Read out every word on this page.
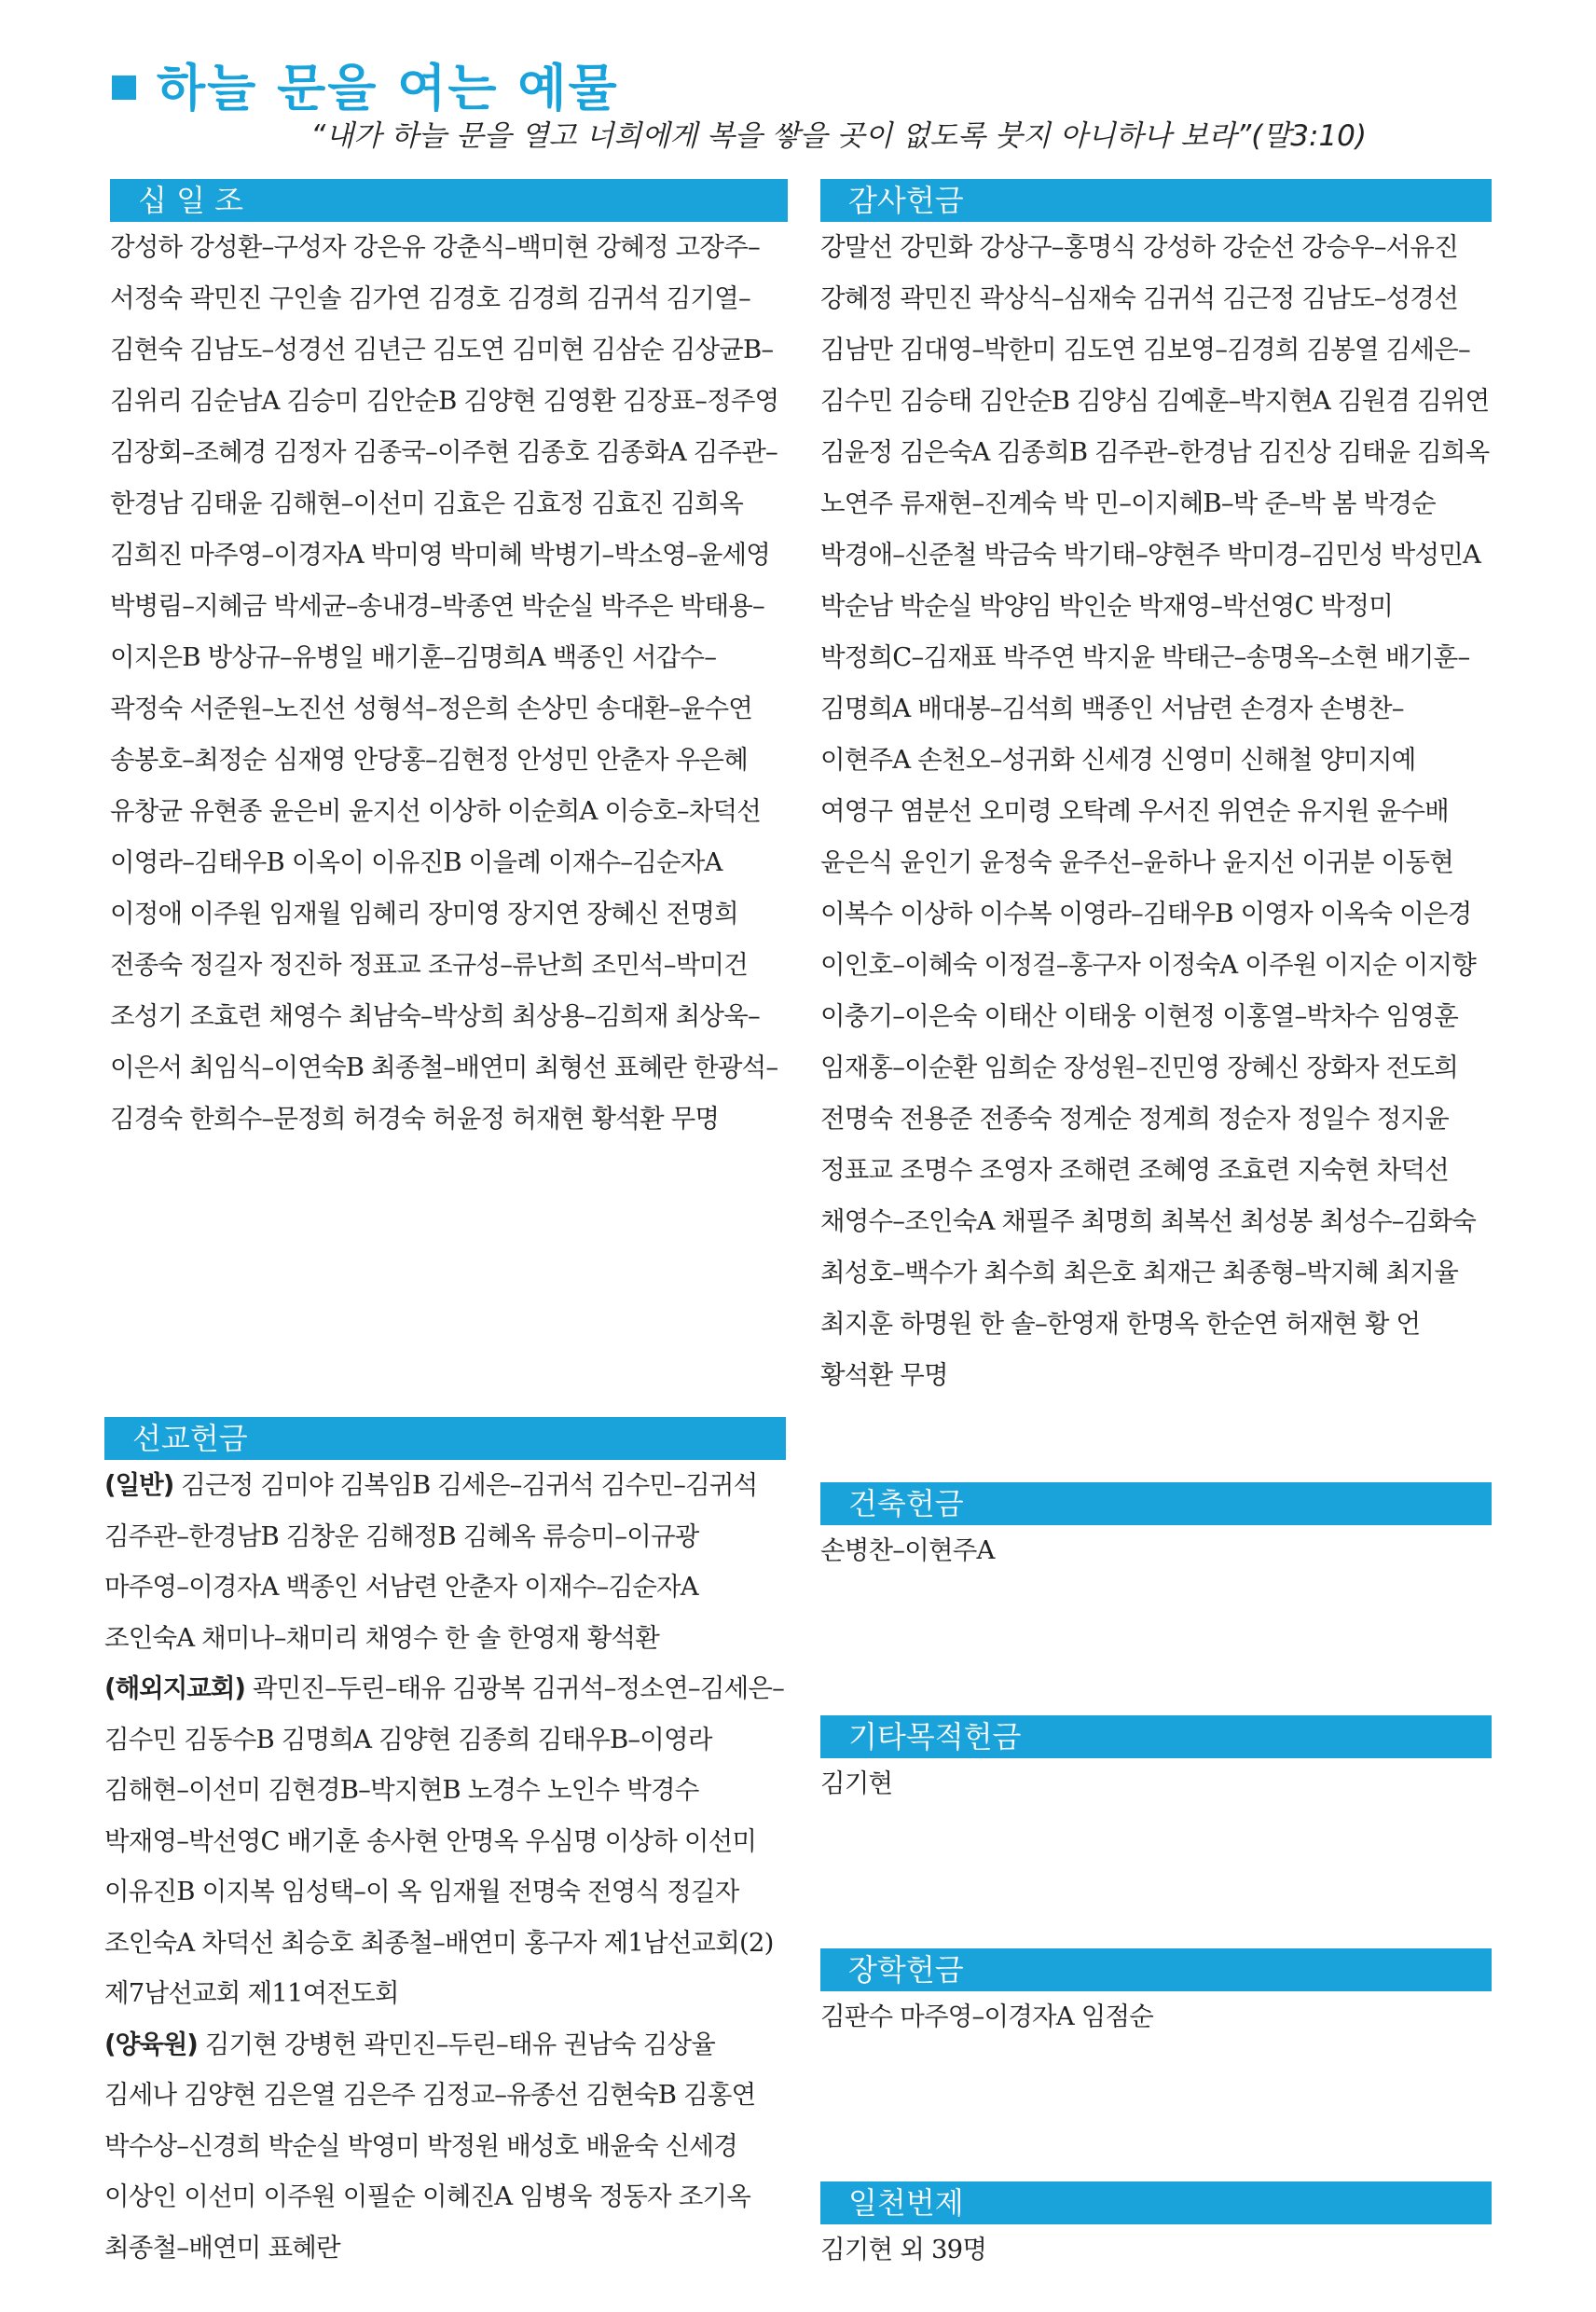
하늘 문을 여는 예물
“내가 하늘 문을 열고 너희에게 복을 쌓을 곳이 없도록 붓지 아니하나 보라”(말3:10)
십 일 조
강성하 강성환–구성자 강은유 강춘식–백미현 강혜정 고장주–서정숙 곽민진 구인솔 김가연 김경호 김경희 김귀석 김기열–김현숙 김남도–성경선 김년근 김도연 김미현 김삼순 김상균B–김위리 김순남A 김승미 김안순B 김양현 김영환 김장표–정주영 김장회–조혜경 김정자 김종국–이주현 김종호 김종화A 김주관–한경남 김태윤 김해현–이선미 김효은 김효정 김효진 김희옥 김희진 마주영–이경자A 박미영 박미혜 박병기–박소영–윤세영 박병림–지혜금 박세균–송내경–박종연 박순실 박주은 박태용–이지은B 방상규–유병일 배기훈–김명희A 백종인 서갑수–곽정숙 서준원–노진선 성형석–정은희 손상민 송대환–윤수연 송봉호–최정순 심재영 안당홍–김현정 안성민 안춘자 우은혜 유창균 유현종 윤은비 윤지선 이상하 이순희A 이승호–차덕선 이영라–김태우B 이옥이 이유진B 이을례 이재수–김순자A 이정애 이주원 임재월 임혜리 장미영 장지연 장혜신 전명희 전종숙 정길자 정진하 정표교 조규성–류난희 조민석–박미건 조성기 조효련 채영수 최남숙–박상희 최상용–김희재 최상욱–이은서 최임식–이연숙B 최종철–배연미 최형선 표혜란 한광석–김경숙 한희수–문정희 허경숙 허윤정 허재현 황석환 무명
감사헌금
강말선 강민화 강상구–홍명식 강성하 강순선 강승우–서유진 강혜정 곽민진 곽상식–심재숙 김귀석 김근정 김남도–성경선 김남만 김대영–박한미 김도연 김보영–김경희 김봉열 김세은–김수민 김승태 김안순B 김양심 김예훈–박지현A 김원겸 김위연 김윤정 김은숙A 김종희B 김주관–한경남 김진상 김태윤 김희옥 노연주 류재현–진계숙 박 민–이지혜B–박 준–박 봄 박경순 박경애–신준철 박금숙 박기태–양현주 박미경–김민성 박성민A 박순남 박순실 박양임 박인순 박재영–박선영C 박정미 박정희C–김재표 박주연 박지윤 박태근–송명옥–소현 배기훈–김명희A 배대봉–김석희 백종인 서남련 손경자 손병찬–이현주A 손천오–성귀화 신세경 신영미 신해철 양미지예 여영구 염분선 오미령 오탁례 우서진 위연순 유지원 윤수배 윤은식 윤인기 윤정숙 윤주선–윤하나 윤지선 이귀분 이동현 이복수 이상하 이수복 이영라–김태우B 이영자 이옥숙 이은경 이인호–이혜숙 이정걸–홍구자 이정숙A 이주원 이지순 이지향 이충기–이은숙 이태산 이태웅 이현정 이홍열–박차수 임영훈 임재홍–이순환 임희순 장성원–진민영 장혜신 장화자 전도희 전명숙 전용준 전종숙 정계순 정계희 정순자 정일수 정지윤 정표교 조명수 조영자 조해련 조혜영 조효련 지숙현 차덕선 채영수–조인숙A 채필주 최명희 최복선 최성봉 최성수–김화숙 최성호–백수가 최수희 최은호 최재근 최종형–박지혜 최지율 최지훈 하명원 한 솔–한영재 한명옥 한순연 허재현 황 언 황석환 무명
선교헌금

(일반) 김근정 김미야 김복임B 김세은–김귀석 김수민–김귀석 김주관–한경남B 김창운 김해정B 김혜옥 류승미–이규광 마주영–이경자A 백종인 서남련 안춘자 이재수–김순자A 조인숙A 채미나–채미리 채영수 한 솔 한영재 황석환

(해외지교회) 곽민진–두린–태유 김광복 김귀석–정소연–김세은–김수민 김동수B 김명희A 김양현 김종희 김태우B–이영라 김해현–이선미 김현경B–박지현B 노경수 노인수 박경수 박재영–박선영C 배기훈 송사현 안명옥 우심명 이상하 이선미 이유진B 이지복 임성택–이 옥 임재월 전명숙 전영식 정길자 조인숙A 차덕선 최승호 최종철–배연미 홍구자 제1남선교회(2) 제7남선교회 제11여전도회

(양육원) 김기현 강병헌 곽민진–두린–태유 권남숙 김상율 김세나 김양현 김은열 김은주 김정교–유종선 김현숙B 김홍연 박수상–신경희 박순실 박영미 박정원 배성호 배윤숙 신세경 이상인 이선미 이주원 이필순 이혜진A 임병욱 정동자 조기옥 최종철–배연미 표혜란

건축헌금
손병찬–이현주A
기타목적헌금
김기현
장학헌금
김판수 마주영–이경자A 임점순
일천번제
김기현 외 39명
